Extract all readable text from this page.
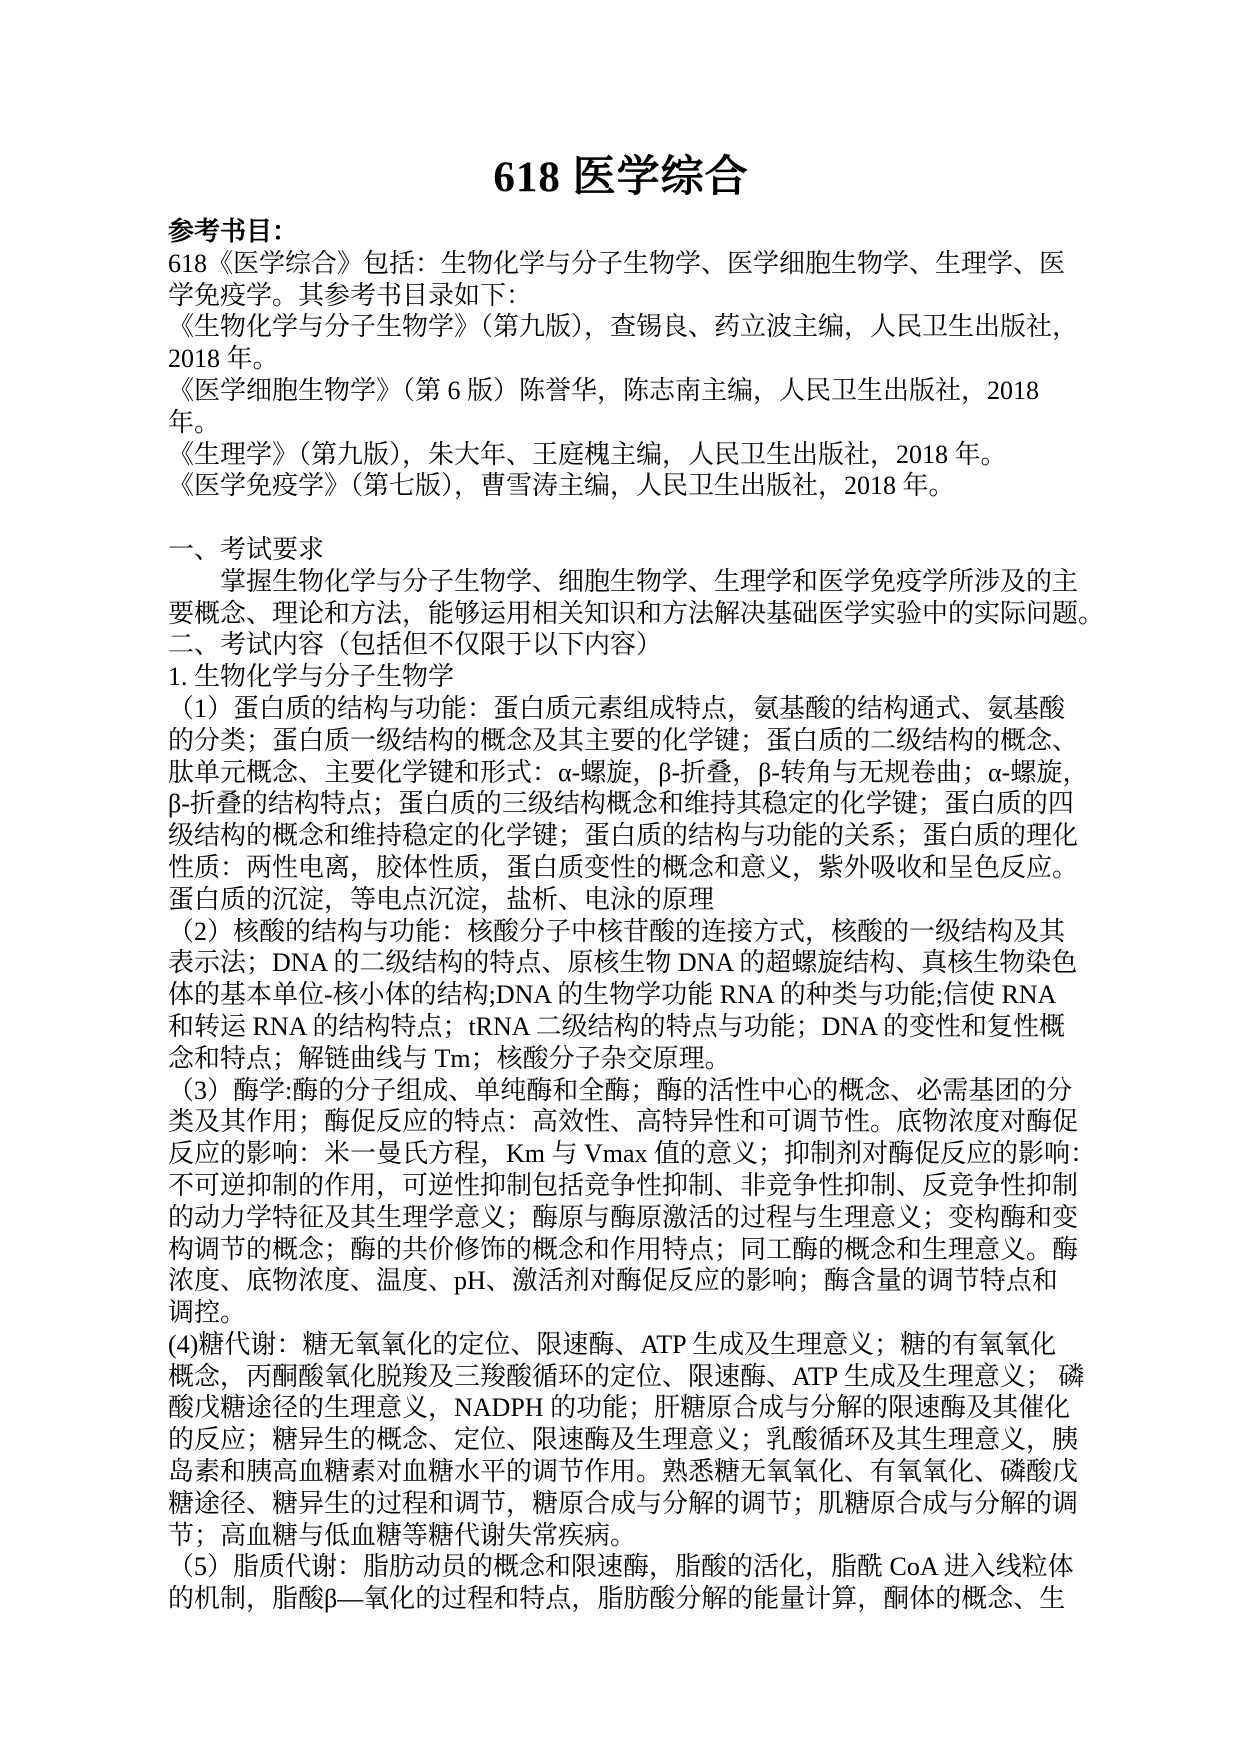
618 医学综合
参考书目：
618《医学综合》包括：生物化学与分子生物学、医学细胞生物学、生理学、医
学免疫学。其参考书目录如下：
《生物化学与分子生物学》（第九版），查锡良、药立波主编，人民卫生出版社，
2018 年。
《医学细胞生物学》（第 6 版）陈誉华，陈志南主编，人民卫生出版社，2018
年。
《生理学》（第九版），朱大年、王庭槐主编，人民卫生出版社，2018 年。
《医学免疫学》（第七版），曹雪涛主编，人民卫生出版社，2018 年。
一、考试要求
　　掌握生物化学与分子生物学、细胞生物学、生理学和医学免疫学所涉及的主
要概念、理论和方法，能够运用相关知识和方法解决基础医学实验中的实际问题。
二、考试内容（包括但不仅限于以下内容）
1. 生物化学与分子生物学
（1）蛋白质的结构与功能：蛋白质元素组成特点，氨基酸的结构通式、氨基酸
的分类；蛋白质一级结构的概念及其主要的化学键；蛋白质的二级结构的概念、
肽单元概念、主要化学键和形式：α-螺旋，β-折叠，β-转角与无规卷曲；α-螺旋，
β-折叠的结构特点；蛋白质的三级结构概念和维持其稳定的化学键；蛋白质的四
级结构的概念和维持稳定的化学键；蛋白质的结构与功能的关系；蛋白质的理化
性质：两性电离，胶体性质，蛋白质变性的概念和意义，紫外吸收和呈色反应。
蛋白质的沉淀，等电点沉淀，盐析、电泳的原理
（2）核酸的结构与功能：核酸分子中核苷酸的连接方式，核酸的一级结构及其
表示法；DNA 的二级结构的特点、原核生物 DNA 的超螺旋结构、真核生物染色
体的基本单位-核小体的结构;DNA 的生物学功能 RNA 的种类与功能;信使 RNA
和转运 RNA 的结构特点；tRNA 二级结构的特点与功能；DNA 的变性和复性概
念和特点；解链曲线与 Tm；核酸分子杂交原理。
（3）酶学:酶的分子组成、单纯酶和全酶；酶的活性中心的概念、必需基团的分
类及其作用；酶促反应的特点：高效性、高特异性和可调节性。底物浓度对酶促
反应的影响：米一曼氏方程，Km 与 Vmax 值的意义；抑制剂对酶促反应的影响：
不可逆抑制的作用，可逆性抑制包括竞争性抑制、非竞争性抑制、反竞争性抑制
的动力学特征及其生理学意义；酶原与酶原激活的过程与生理意义；变构酶和变
构调节的概念；酶的共价修饰的概念和作用特点；同工酶的概念和生理意义。酶
浓度、底物浓度、温度、pH、激活剂对酶促反应的影响；酶含量的调节特点和
调控。
(4)糖代谢：糖无氧氧化的定位、限速酶、ATP 生成及生理意义；糖的有氧氧化
概念，丙酮酸氧化脱羧及三羧酸循环的定位、限速酶、ATP 生成及生理意义； 磷
酸戊糖途径的生理意义，NADPH 的功能；肝糖原合成与分解的限速酶及其催化
的反应；糖异生的概念、定位、限速酶及生理意义；乳酸循环及其生理意义，胰
岛素和胰高血糖素对血糖水平的调节作用。熟悉糖无氧氧化、有氧氧化、磷酸戊
糖途径、糖异生的过程和调节，糖原合成与分解的调节；肌糖原合成与分解的调
节；高血糖与低血糖等糖代谢失常疾病。
（5）脂质代谢：脂肪动员的概念和限速酶，脂酸的活化，脂酰 CoA 进入线粒体
的机制，脂酸β—氧化的过程和特点，脂肪酸分解的能量计算，酮体的概念、生
